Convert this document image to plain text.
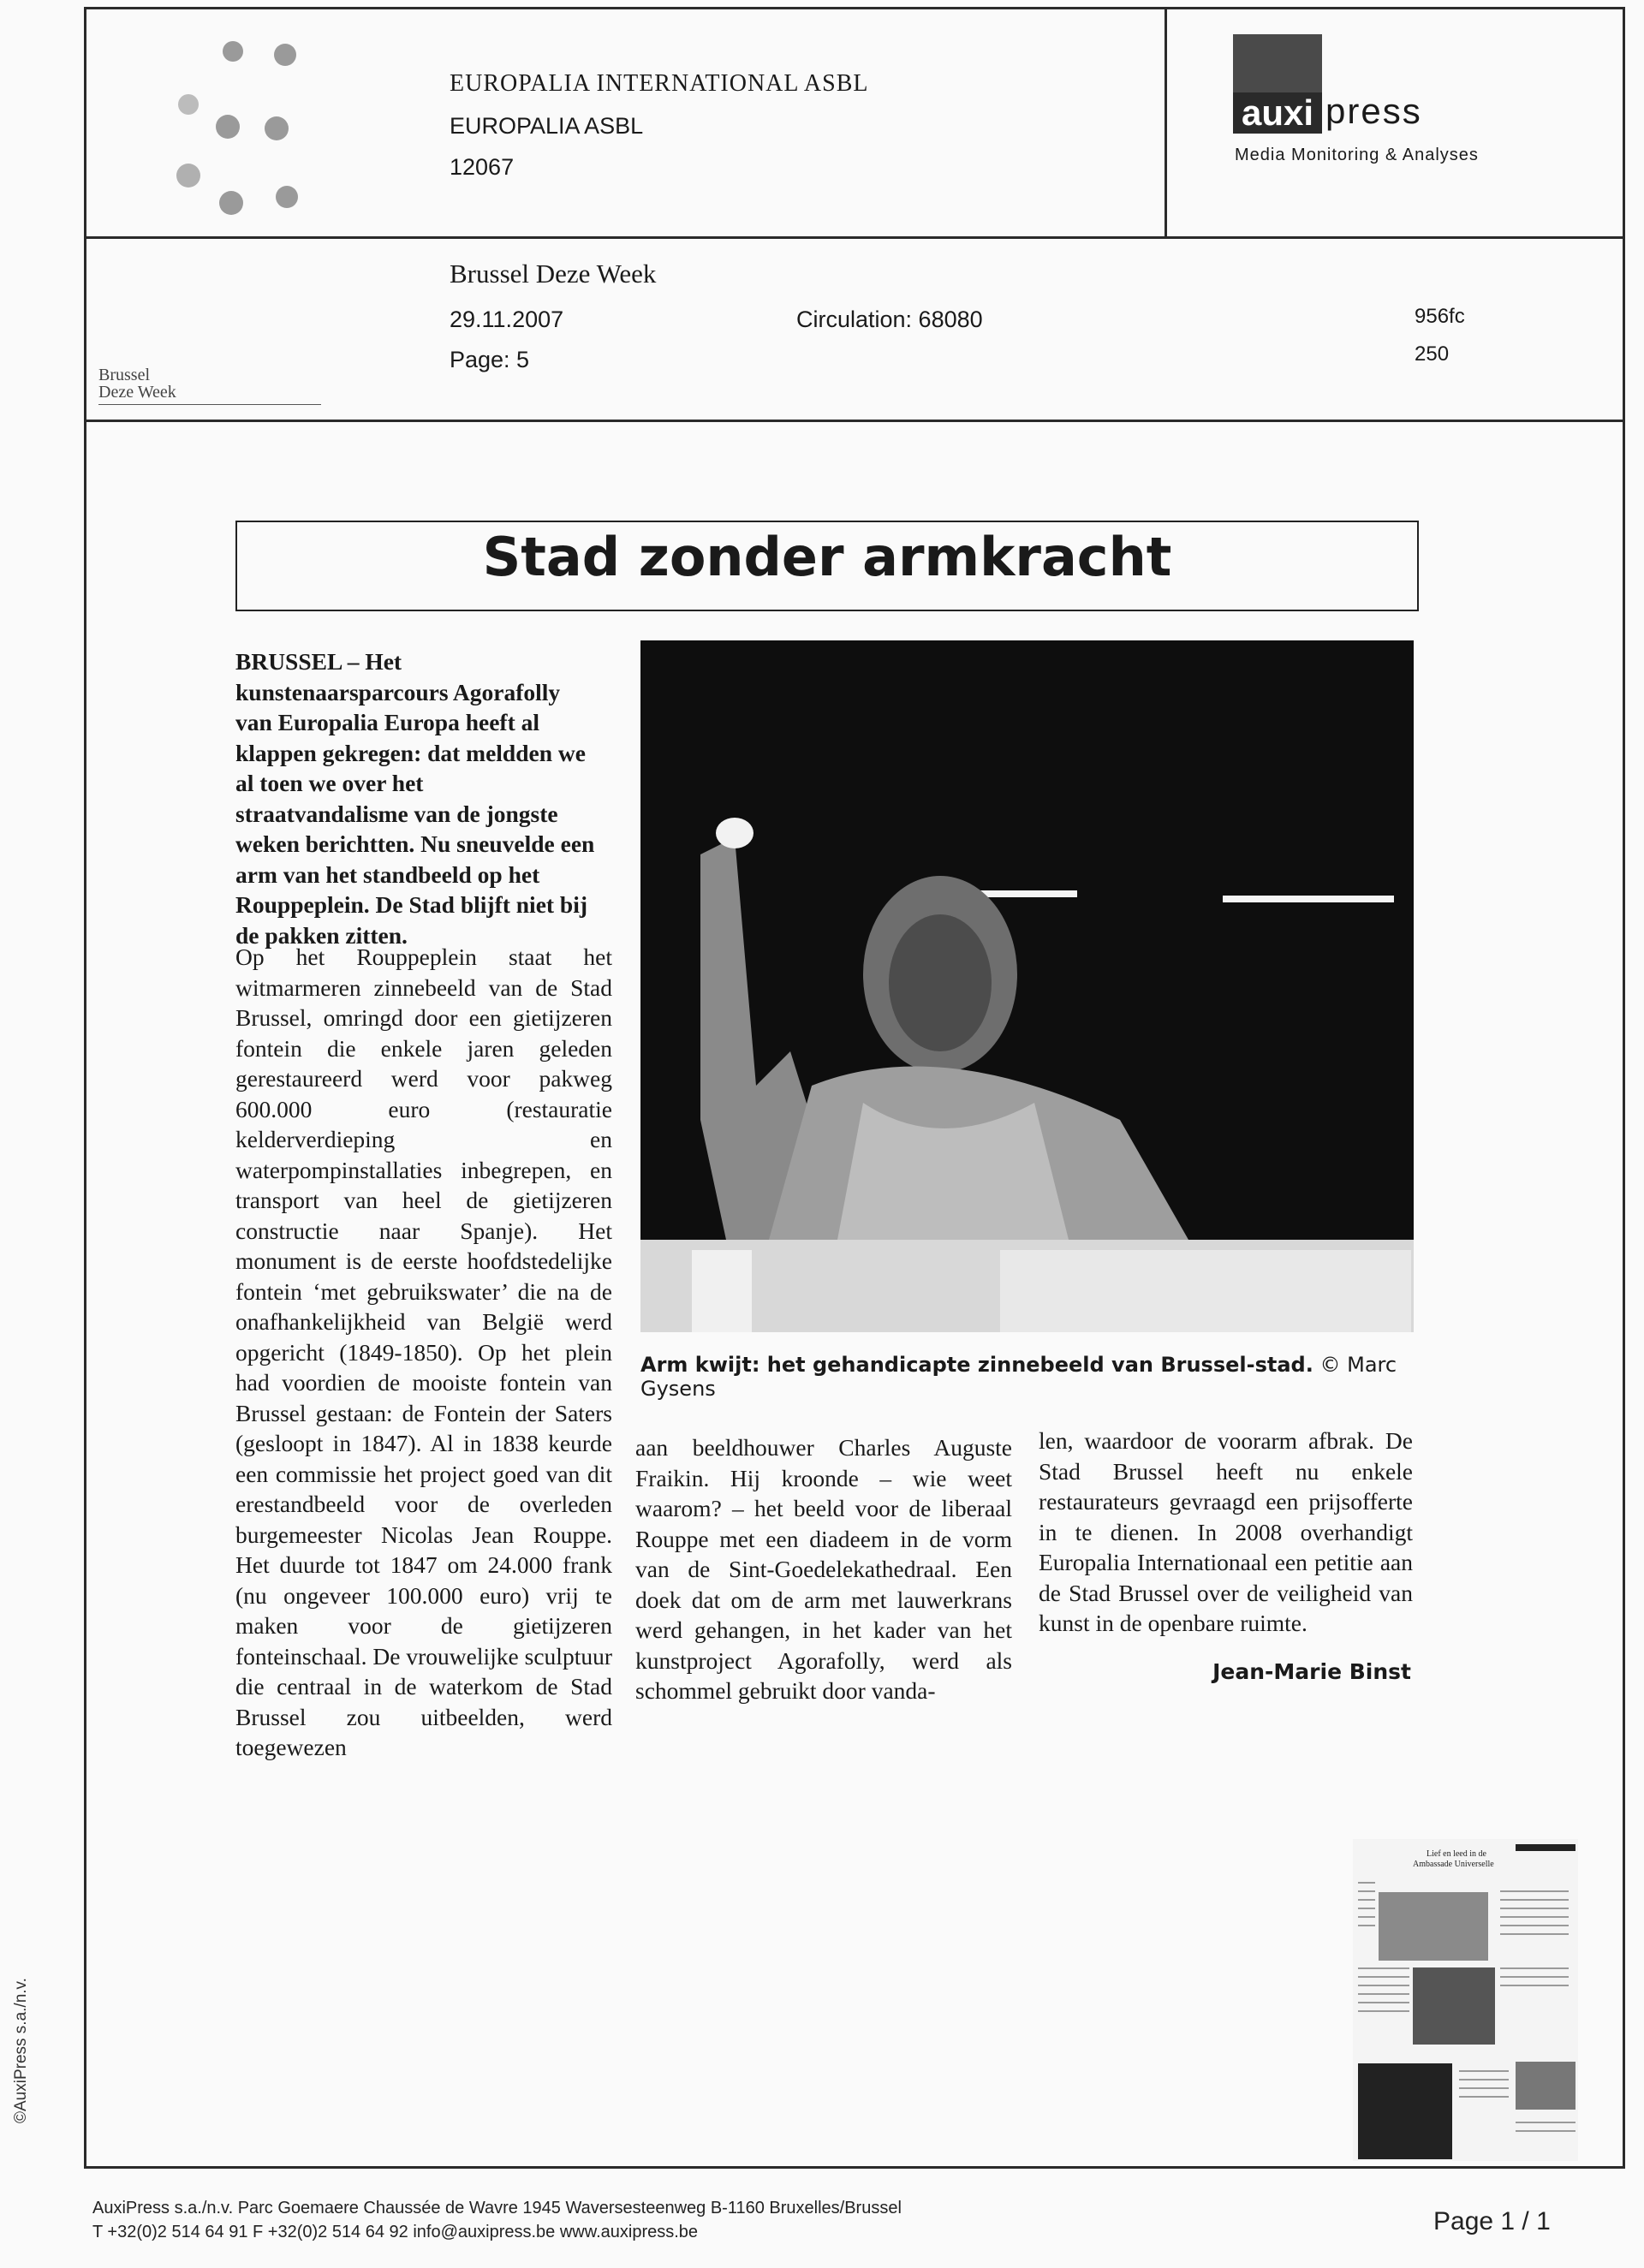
EUROPALIA INTERNATIONAL ASBL
EUROPALIA ASBL
12067
auxi press
Media Monitoring & Analyses
Brussel Deze Week
29.11.2007
Page: 5
Circulation: 68080	956fc
250
Brussel
Deze Week
Stad zonder armkracht

BRUSSEL – Het kunstenaarsparcours Agorafolly van Europalia Europa heeft al klappen gekregen: dat meldden we al toen we over het straatvandalisme van de jongste weken berichtten. Nu sneuvelde een arm van het standbeeld op het Rouppeplein. De Stad blijft niet bij de pakken zitten.

Op het Rouppeplein staat het witmarmeren zinnebeeld van de Stad Brussel, omringd door een gietijzeren fontein die enkele jaren geleden gerestaureerd werd voor pakweg 600.000 euro (restauratie kelderverdieping en waterpompinstallaties inbegrepen, en transport van heel de gietijzeren constructie naar Spanje). Het monument is de eerste hoofdstedelijke fontein ‘met gebruikswater’ die na de onafhankelijkheid van België werd opgericht (1849-1850). Op het plein had voordien de mooiste fontein van Brussel gestaan: de Fontein der Saters (gesloopt in 1847). Al in 1838 keurde een commissie het project goed van dit erestandbeeld voor de overleden burgemeester Nicolas Jean Rouppe. Het duurde tot 1847 om 24.000 frank (nu ongeveer 100.000 euro) vrij te maken voor de gietijzeren fonteinschaal. De vrouwelijke sculptuur die centraal in de waterkom de Stad Brussel zou uitbeelden, werd toegewezen

Arm kwijt: het gehandicapte zinnebeeld van Brussel-stad. © Marc Gysens

aan beeldhouwer Charles Auguste Fraikin. Hij kroonde – wie weet waarom? – het beeld voor de liberaal Rouppe met een diadeem in de vorm van de Sint-Goedelekathedraal. Een doek dat om de arm met lauwerkrans werd gehangen, in het kader van het kunstproject Agorafolly, werd als schommel gebruikt door vanda-

len, waardoor de voorarm afbrak. De Stad Brussel heeft nu enkele restaurateurs gevraagd een prijsofferte in te dienen. In 2008 overhandigt Europalia Internationaal een petitie aan de Stad Brussel over de veiligheid van kunst in de openbare ruimte.

Jean-Marie Binst
Lief en leed in de
Ambassade Universelle
AuxiPress s.a./n.v. Parc Goemaere Chaussée de Wavre 1945 Waversesteenweg B-1160 Bruxelles/Brussel
T +32(0)2 514 64 91 F +32(0)2 514 64 92 info@auxipress.be www.auxipress.be	Page 1 / 1
©AuxiPress s.a./n.v.
